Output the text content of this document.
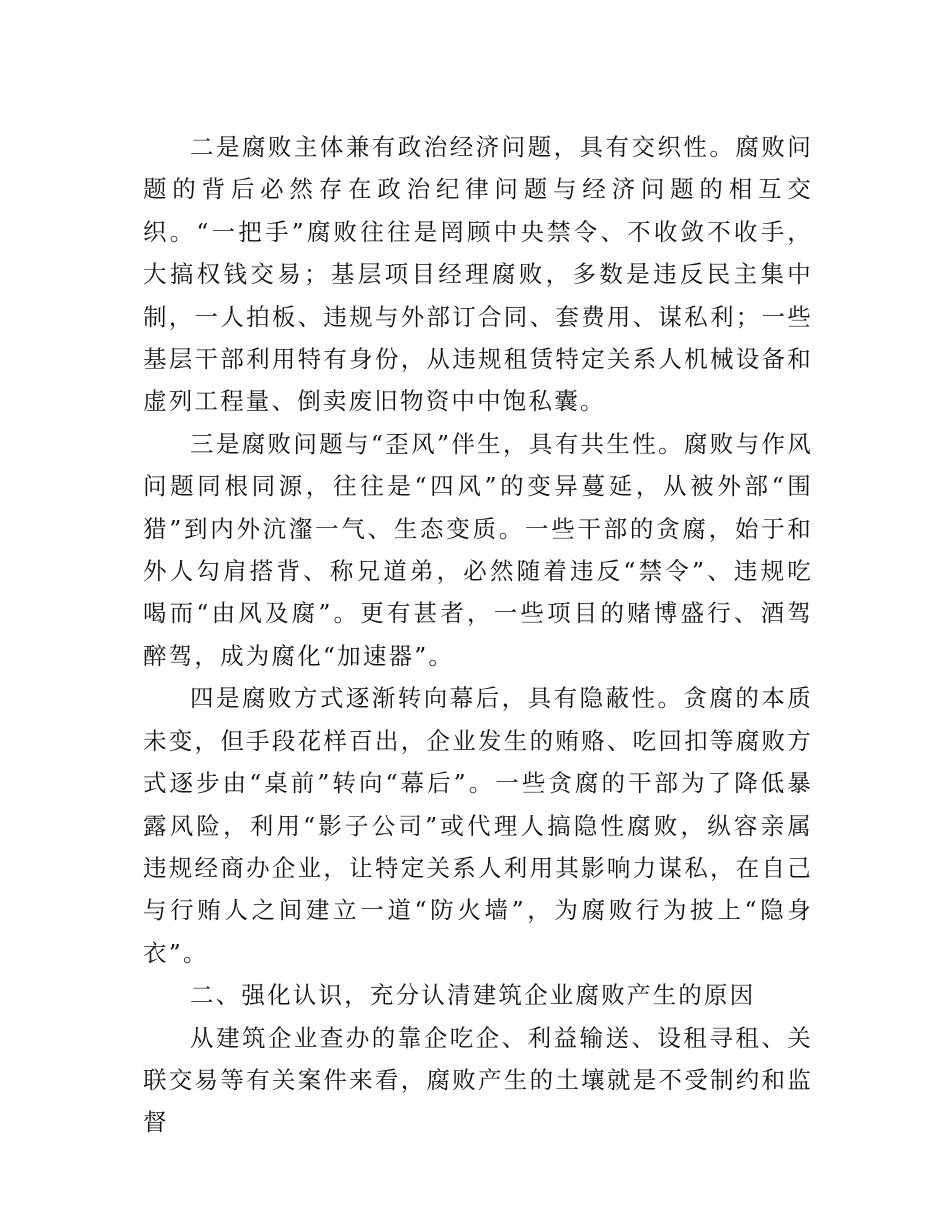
二是腐败主体兼有政治经济问题，具有交织性。腐败问题的背后必然存在政治纪律问题与经济问题的相互交织。“一把手”腐败往往是罔顾中央禁令、不收敛不收手，大搞权钱交易；基层项目经理腐败，多数是违反民主集中制，一人拍板、违规与外部订合同、套费用、谋私利；一些基层干部利用特有身份，从违规租赁特定关系人机械设备和虚列工程量、倒卖废旧物资中中饱私囊。

三是腐败问题与“歪风”伴生，具有共生性。腐败与作风问题同根同源，往往是“四风”的变异蔓延，从被外部“围猎”到内外沆瀣一气、生态变质。一些干部的贪腐，始于和外人勾肩搭背、称兄道弟，必然随着违反“禁令”、违规吃喝而“由风及腐”。更有甚者，一些项目的赌博盛行、酒驾醉驾，成为腐化“加速器”。

四是腐败方式逐渐转向幕后，具有隐蔽性。贪腐的本质未变，但手段花样百出，企业发生的贿赂、吃回扣等腐败方式逐步由“桌前”转向“幕后”。一些贪腐的干部为了降低暴露风险，利用“影子公司”或代理人搞隐性腐败，纵容亲属违规经商办企业，让特定关系人利用其影响力谋私，在自己与行贿人之间建立一道“防火墙”，为腐败行为披上“隐身衣”。

二、强化认识，充分认清建筑企业腐败产生的原因

从建筑企业查办的靠企吃企、利益输送、设租寻租、关联交易等有关案件来看，腐败产生的土壤就是不受制约和监督
